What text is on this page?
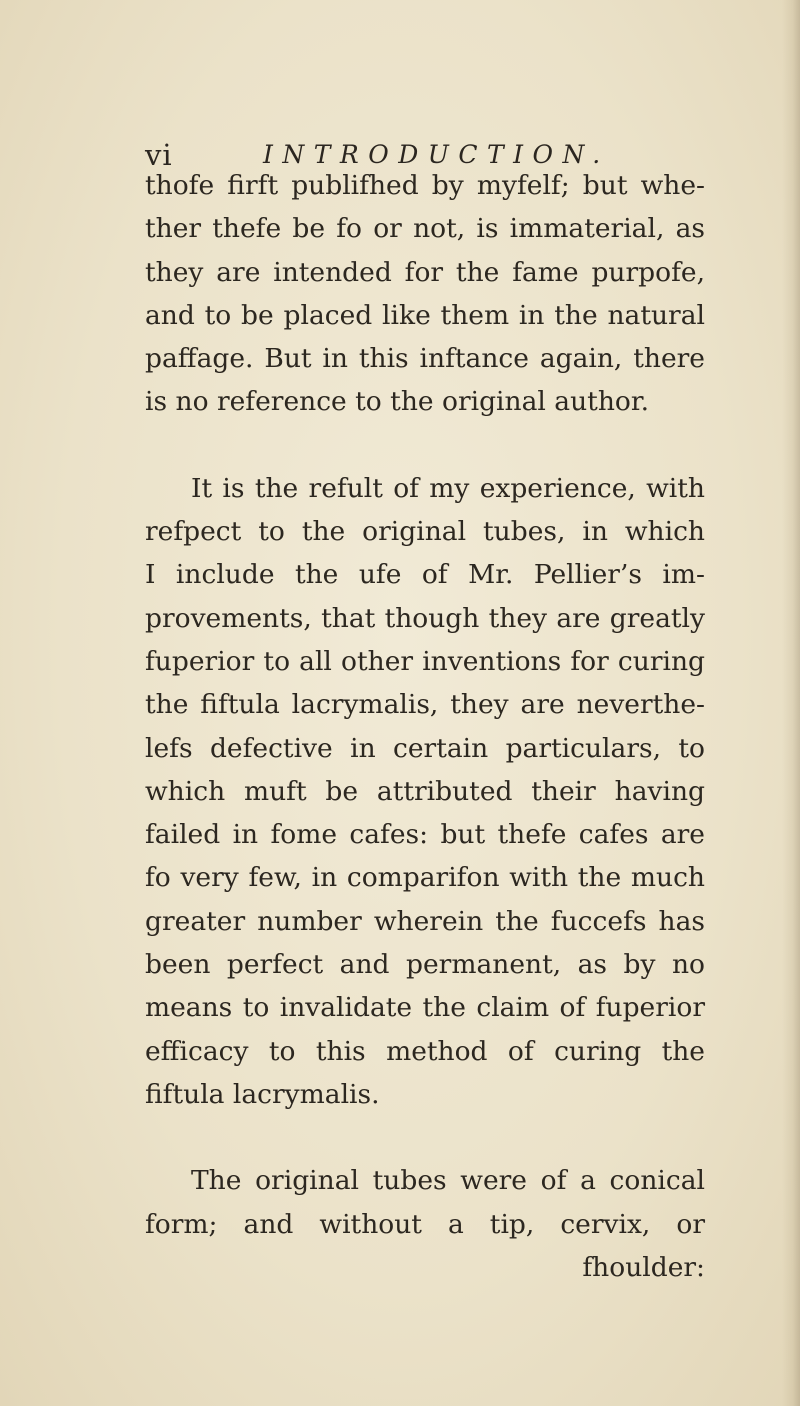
vi	INTRODUCTION.
thofe firft publifhed by myfelf; but whe-
ther thefe be fo or not, is immaterial, as
they are intended for the fame purpofe,
and to be placed like them in the natural
paffage. But in this inftance again, there
is no reference to the original author.
It is the refult of my experience, with
refpect to the original tubes, in which
I include the ufe of Mr. Pellier’s im-
provements, that though they are greatly
fuperior to all other inventions for curing
the fiftula lacrymalis, they are neverthe-
lefs defective in certain particulars, to
which muft be attributed their having
failed in fome cafes: but thefe cafes are
fo very few, in comparifon with the much
greater number wherein the fuccefs has
been perfect and permanent, as by no
means to invalidate the claim of fuperior
efficacy to this method of curing the
fiftula lacrymalis.
The original tubes were of a conical
form; and without a tip, cervix, or
fhoulder:
